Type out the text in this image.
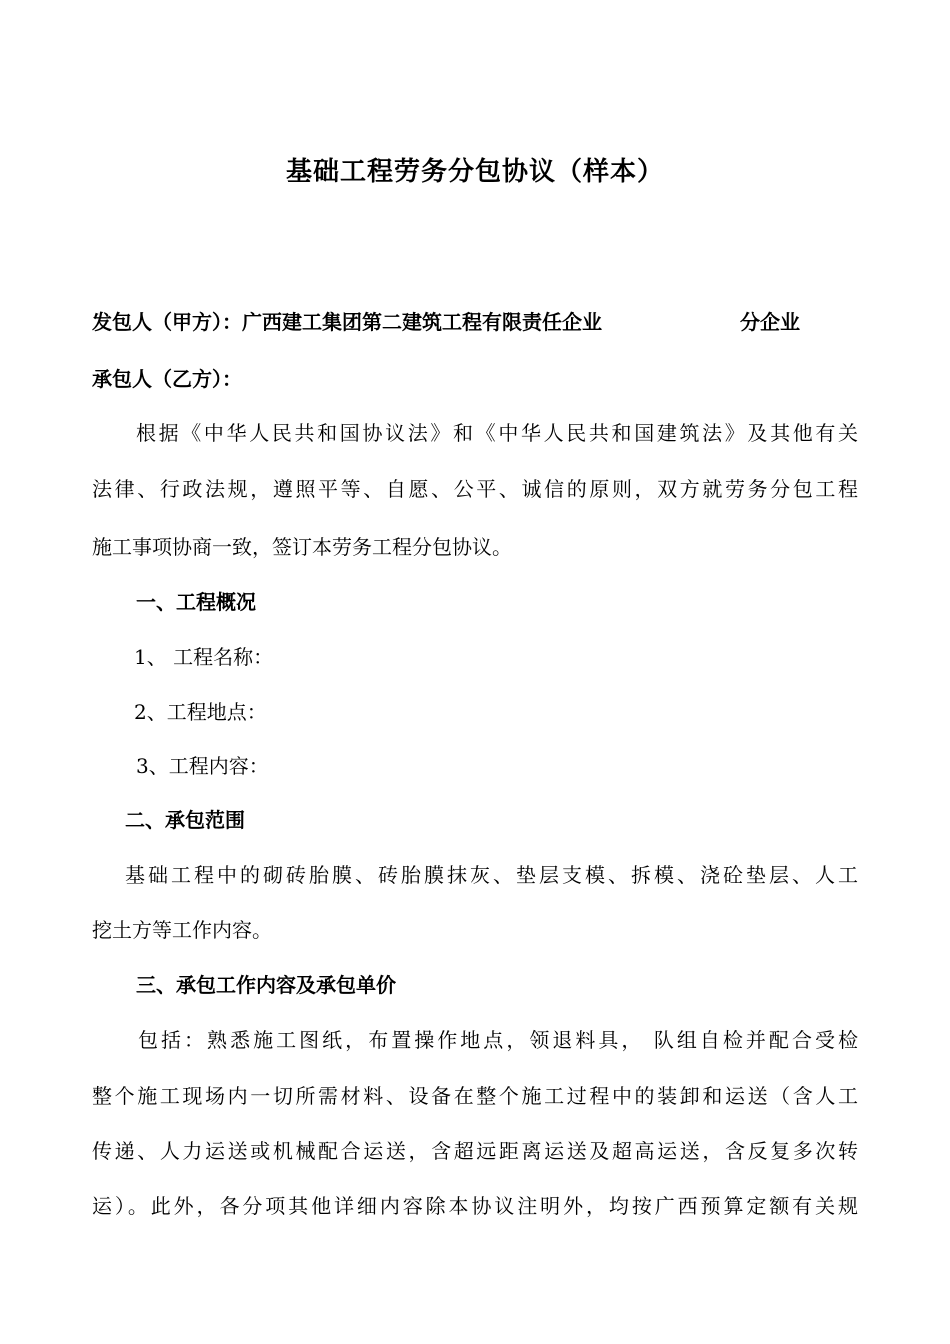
基础工程劳务分包协议（样本）
发包人（甲方）：广西建工集团第二建筑工程有限责任企业	分企业
承包人（乙方）：
根据《中华人民共和国协议法》和《中华人民共和国建筑法》及其他有关
法律、行政法规，遵照平等、自愿、公平、诚信的原则，双方就劳务分包工程
施工事项协商一致，签订本劳务工程分包协议。
一、工程概况
1、 工程名称：
2、工程地点：
3、工程内容：
二、承包范围
基础工程中的砌砖胎膜、砖胎膜抹灰、垫层支模、拆模、浇砼垫层、人工
挖土方等工作内容。
三、承包工作内容及承包单价
包括：熟悉施工图纸，布置操作地点，领退料具， 队组自检并配合受检
整个施工现场内一切所需材料、设备在整个施工过程中的装卸和运送（含人工
传递、人力运送或机械配合运送，含超远距离运送及超高运送，含反复多次转
运）。此外，各分项其他详细内容除本协议注明外，均按广西预算定额有关规
